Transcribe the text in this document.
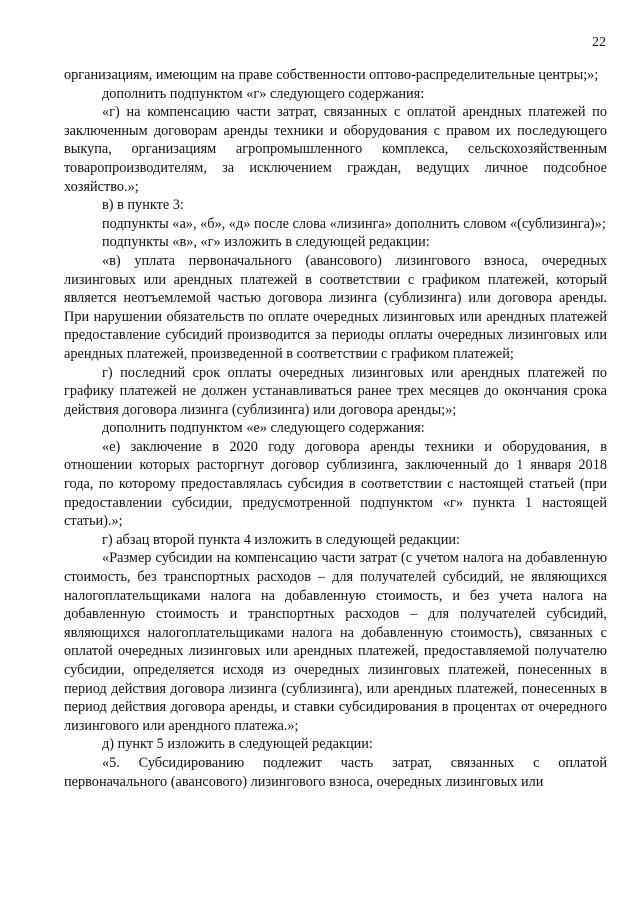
22

организациям, имеющим на праве собственности оптово-распределительные центры;»;

дополнить подпунктом «г» следующего содержания:

«г) на компенсацию части затрат, связанных с оплатой арендных платежей по заключенным договорам аренды техники и оборудования с правом их последующего выкупа, организациям агропромышленного комплекса, сельскохозяйственным товаропроизводителям, за исключением граждан, ведущих личное подсобное хозяйство.»;

в) в пункте 3:

подпункты «а», «б», «д» после слова «лизинга» дополнить словом «(сублизинга)»;

подпункты «в», «г» изложить в следующей редакции:

«в) уплата первоначального (авансового) лизингового взноса, очередных лизинговых или арендных платежей в соответствии с графиком платежей, который является неотъемлемой частью договора лизинга (сублизинга) или договора аренды. При нарушении обязательств по оплате очередных лизинговых или арендных платежей предоставление субсидий производится за периоды оплаты очередных лизинговых или арендных платежей, произведенной в соответствии с графиком платежей;

г) последний срок оплаты очередных лизинговых или арендных платежей по графику платежей не должен устанавливаться ранее трех месяцев до окончания срока действия договора лизинга (сублизинга) или договора аренды;»;

дополнить подпунктом «е» следующего содержания:

«е) заключение в 2020 году договора аренды техники и оборудования, в отношении которых расторгнут договор сублизинга, заключенный до 1 января 2018 года, по которому предоставлялась субсидия в соответствии с настоящей статьей (при предоставлении субсидии, предусмотренной подпунктом «г» пункта 1 настоящей статьи).»;

г) абзац второй пункта 4 изложить в следующей редакции:

«Размер субсидии на компенсацию части затрат (с учетом налога на добавленную стоимость, без транспортных расходов – для получателей субсидий, не являющихся налогоплательщиками налога на добавленную стоимость, и без учета налога на добавленную стоимость и транспортных расходов – для получателей субсидий, являющихся налогоплательщиками налога на добавленную стоимость), связанных с оплатой очередных лизинговых или арендных платежей, предоставляемой получателю субсидии, определяется исходя из очередных лизинговых платежей, понесенных в период действия договора лизинга (сублизинга), или арендных платежей, понесенных в период действия договора аренды, и ставки субсидирования в процентах от очередного лизингового или арендного платежа.»;

д) пункт 5 изложить в следующей редакции:

«5. Субсидированию подлежит часть затрат, связанных с оплатой первоначального (авансового) лизингового взноса, очередных лизинговых или
